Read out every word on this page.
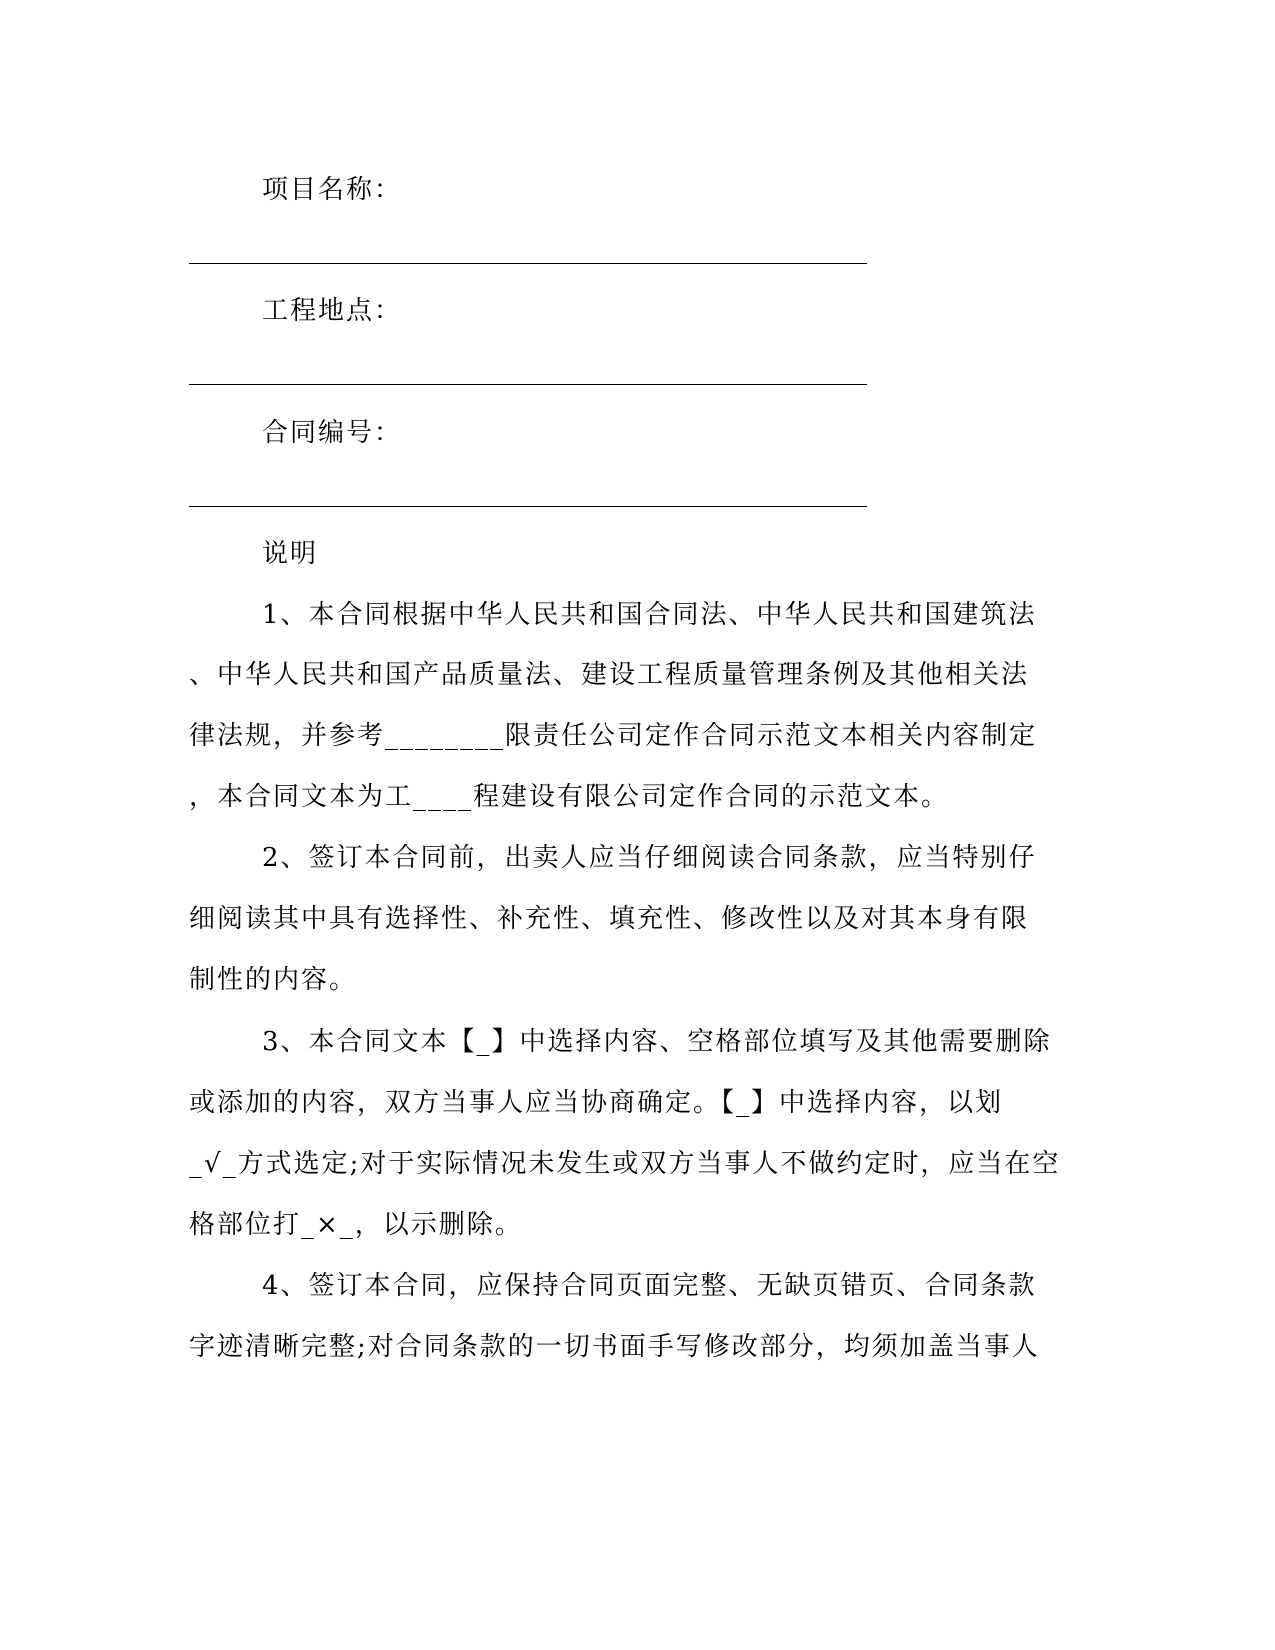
项目名称：
工程地点：
合同编号：
说明
1、本合同根据中华人民共和国合同法、中华人民共和国建筑法
、中华人民共和国产品质量法、建设工程质量管理条例及其他相关法
律法规，并参考________限责任公司定作合同示范文本相关内容制定
，本合同文本为工____程建设有限公司定作合同的示范文本。
2、签订本合同前，出卖人应当仔细阅读合同条款，应当特别仔
细阅读其中具有选择性、补充性、填充性、修改性以及对其本身有限
制性的内容。
3、本合同文本【_】中选择内容、空格部位填写及其他需要删除
或添加的内容，双方当事人应当协商确定。【_】中选择内容，以划
_√_方式选定;对于实际情况未发生或双方当事人不做约定时，应当在空
格部位打_×_，以示删除。
4、签订本合同，应保持合同页面完整、无缺页错页、合同条款
字迹清晰完整;对合同条款的一切书面手写修改部分，均须加盖当事人
